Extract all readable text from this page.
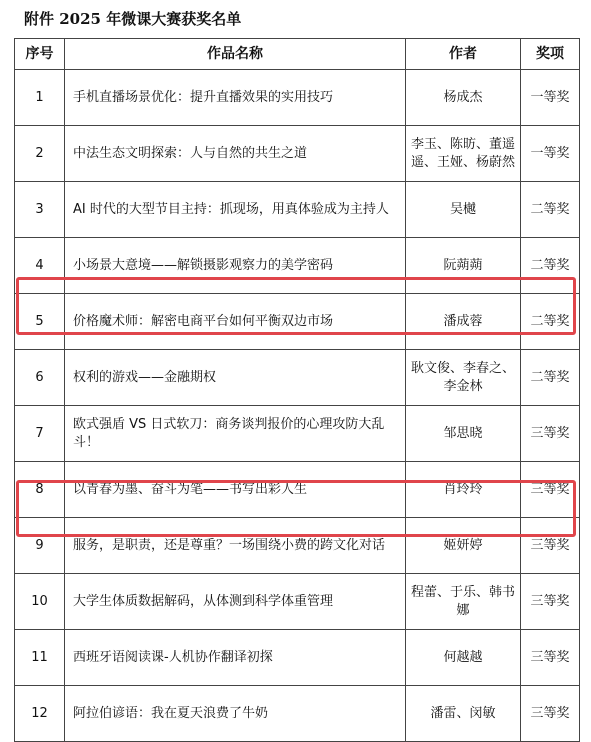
附件 2025 年微课大赛获奖名单
序号	作品名称	作者	奖项
1	手机直播场景优化：提升直播效果的实用技巧	杨成杰	一等奖
2	中法生态文明探索：人与自然的共生之道	李玉、陈昉、董遥遥、王娅、杨蔚然	一等奖
3	AI 时代的大型节目主持：抓现场，用真体验成为主持人	吴樾	二等奖
4	小场景大意境——解锁摄影观察力的美学密码	阮蒴蒴	二等奖
5	价格魔术师：解密电商平台如何平衡双边市场	潘成蓉	二等奖
6	权利的游戏——金融期权	耿文俊、李春之、李金林	二等奖
7	欧式强盾 VS 日式软刀：商务谈判报价的心理攻防大乱斗！	邹思晓	三等奖
8	以青春为墨、奋斗为笔——书写出彩人生	肖玲玲	三等奖
9	服务，是职责，还是尊重？一场围绕小费的跨文化对话	姬妍婷	三等奖
10	大学生体质数据解码，从体测到科学体重管理	程蕾、于乐、韩书娜	三等奖
11	西班牙语阅读课-人机协作翻译初探	何越越	三等奖
12	阿拉伯谚语：我在夏天浪费了牛奶	潘雷、闵敏	三等奖
